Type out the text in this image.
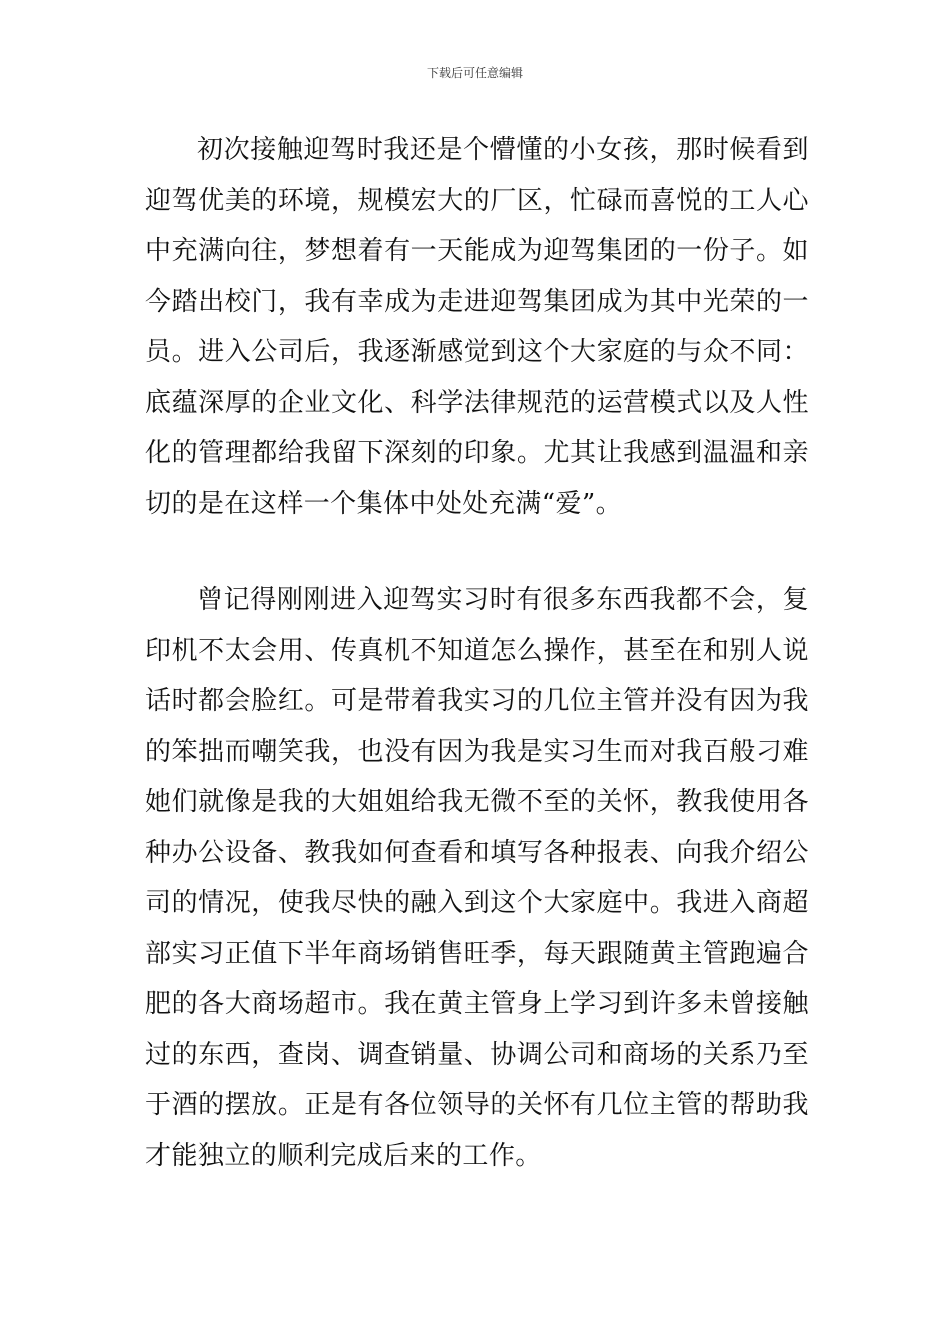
下载后可任意编辑

初次接触迎驾时我还是个懵懂的小女孩，那时候看到迎驾优美的环境，规模宏大的厂区，忙碌而喜悦的工人心中充满向往，梦想着有一天能成为迎驾集团的一份子。如今踏出校门，我有幸成为走进迎驾集团成为其中光荣的一员。进入公司后，我逐渐感觉到这个大家庭的与众不同：底蕴深厚的企业文化、科学法律规范的运营模式以及人性化的管理都给我留下深刻的印象。尤其让我感到温温和亲切的是在这样一个集体中处处充满“爱”。

曾记得刚刚进入迎驾实习时有很多东西我都不会，复印机不太会用、传真机不知道怎么操作，甚至在和别人说话时都会脸红。可是带着我实习的几位主管并没有因为我的笨拙而嘲笑我，也没有因为我是实习生而对我百般刁难她们就像是我的大姐姐给我无微不至的关怀，教我使用各种办公设备、教我如何查看和填写各种报表、向我介绍公司的情况，使我尽快的融入到这个大家庭中。我进入商超部实习正值下半年商场销售旺季，每天跟随黄主管跑遍合肥的各大商场超市。我在黄主管身上学习到许多未曾接触过的东西，查岗、调查销量、协调公司和商场的关系乃至于酒的摆放。正是有各位领导的关怀有几位主管的帮助我才能独立的顺利完成后来的工作。
